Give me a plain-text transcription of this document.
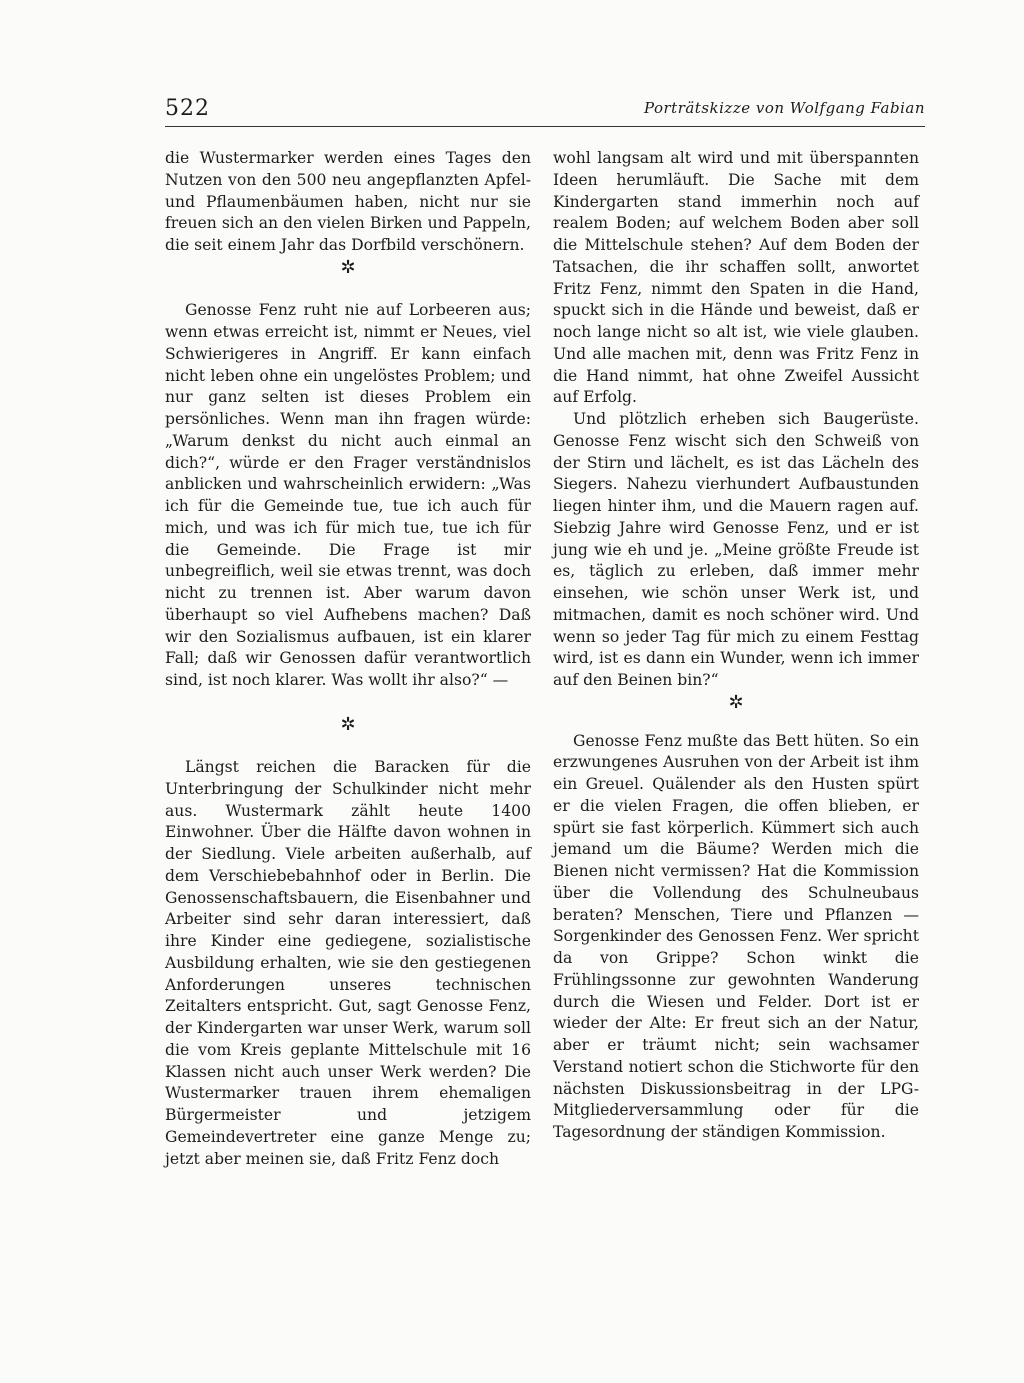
522	Porträtskizze von Wolfgang Fabian

die Wustermarker werden eines Tages den Nutzen von den 500 neu angepflanzten Apfel- und Pflaumenbäumen haben, nicht nur sie freuen sich an den vielen Birken und Pappeln, die seit einem Jahr das Dorfbild verschönern.

✲

Genosse Fenz ruht nie auf Lorbeeren aus; wenn etwas erreicht ist, nimmt er Neues, viel Schwierigeres in Angriff. Er kann einfach nicht leben ohne ein ungelöstes Problem; und nur ganz selten ist dieses Problem ein persönliches. Wenn man ihn fragen würde: „Warum denkst du nicht auch einmal an dich?“, würde er den Frager verständnislos anblicken und wahrscheinlich erwidern: „Was ich für die Gemeinde tue, tue ich auch für mich, und was ich für mich tue, tue ich für die Gemeinde. Die Frage ist mir unbegreiflich, weil sie etwas trennt, was doch nicht zu trennen ist. Aber warum davon überhaupt so viel Aufhebens machen? Daß wir den Sozialismus aufbauen, ist ein klarer Fall; daß wir Genossen dafür verantwortlich sind, ist noch klarer. Was wollt ihr also?“ —

✲

Längst reichen die Baracken für die Unterbringung der Schulkinder nicht mehr aus. Wustermark zählt heute 1400 Einwohner. Über die Hälfte davon wohnen in der Siedlung. Viele arbeiten außerhalb, auf dem Verschiebebahnhof oder in Berlin. Die Genossenschaftsbauern, die Eisenbahner und Arbeiter sind sehr daran interessiert, daß ihre Kinder eine gediegene, sozialistische Ausbildung erhalten, wie sie den gestiegenen Anforderungen unseres technischen Zeitalters entspricht. Gut, sagt Genosse Fenz, der Kindergarten war unser Werk, warum soll die vom Kreis geplante Mittelschule mit 16 Klassen nicht auch unser Werk werden? Die Wustermarker trauen ihrem ehemaligen Bürgermeister und jetzigem Gemeindevertreter eine ganze Menge zu; jetzt aber meinen sie, daß Fritz Fenz doch

wohl langsam alt wird und mit überspannten Ideen herumläuft. Die Sache mit dem Kindergarten stand immerhin noch auf realem Boden; auf welchem Boden aber soll die Mittelschule stehen? Auf dem Boden der Tatsachen, die ihr schaffen sollt, anwortet Fritz Fenz, nimmt den Spaten in die Hand, spuckt sich in die Hände und beweist, daß er noch lange nicht so alt ist, wie viele glauben. Und alle machen mit, denn was Fritz Fenz in die Hand nimmt, hat ohne Zweifel Aussicht auf Erfolg.

Und plötzlich erheben sich Baugerüste. Genosse Fenz wischt sich den Schweiß von der Stirn und lächelt, es ist das Lächeln des Siegers. Nahezu vierhundert Aufbaustunden liegen hinter ihm, und die Mauern ragen auf. Siebzig Jahre wird Genosse Fenz, und er ist jung wie eh und je. „Meine größte Freude ist es, täglich zu erleben, daß immer mehr einsehen, wie schön unser Werk ist, und mitmachen, damit es noch schöner wird. Und wenn so jeder Tag für mich zu einem Festtag wird, ist es dann ein Wunder, wenn ich immer auf den Beinen bin?“

✲

Genosse Fenz mußte das Bett hüten. So ein erzwungenes Ausruhen von der Arbeit ist ihm ein Greuel. Quälender als den Husten spürt er die vielen Fragen, die offen blieben, er spürt sie fast körperlich. Kümmert sich auch jemand um die Bäume? Werden mich die Bienen nicht vermissen? Hat die Kommission über die Vollendung des Schulneubaus beraten? Menschen, Tiere und Pflanzen — Sorgenkinder des Genossen Fenz. Wer spricht da von Grippe? Schon winkt die Frühlingssonne zur gewohnten Wanderung durch die Wiesen und Felder. Dort ist er wieder der Alte: Er freut sich an der Natur, aber er träumt nicht; sein wachsamer Verstand notiert schon die Stichworte für den nächsten Diskussionsbeitrag in der LPG-Mitgliederversammlung oder für die Tagesordnung der ständigen Kommission.
